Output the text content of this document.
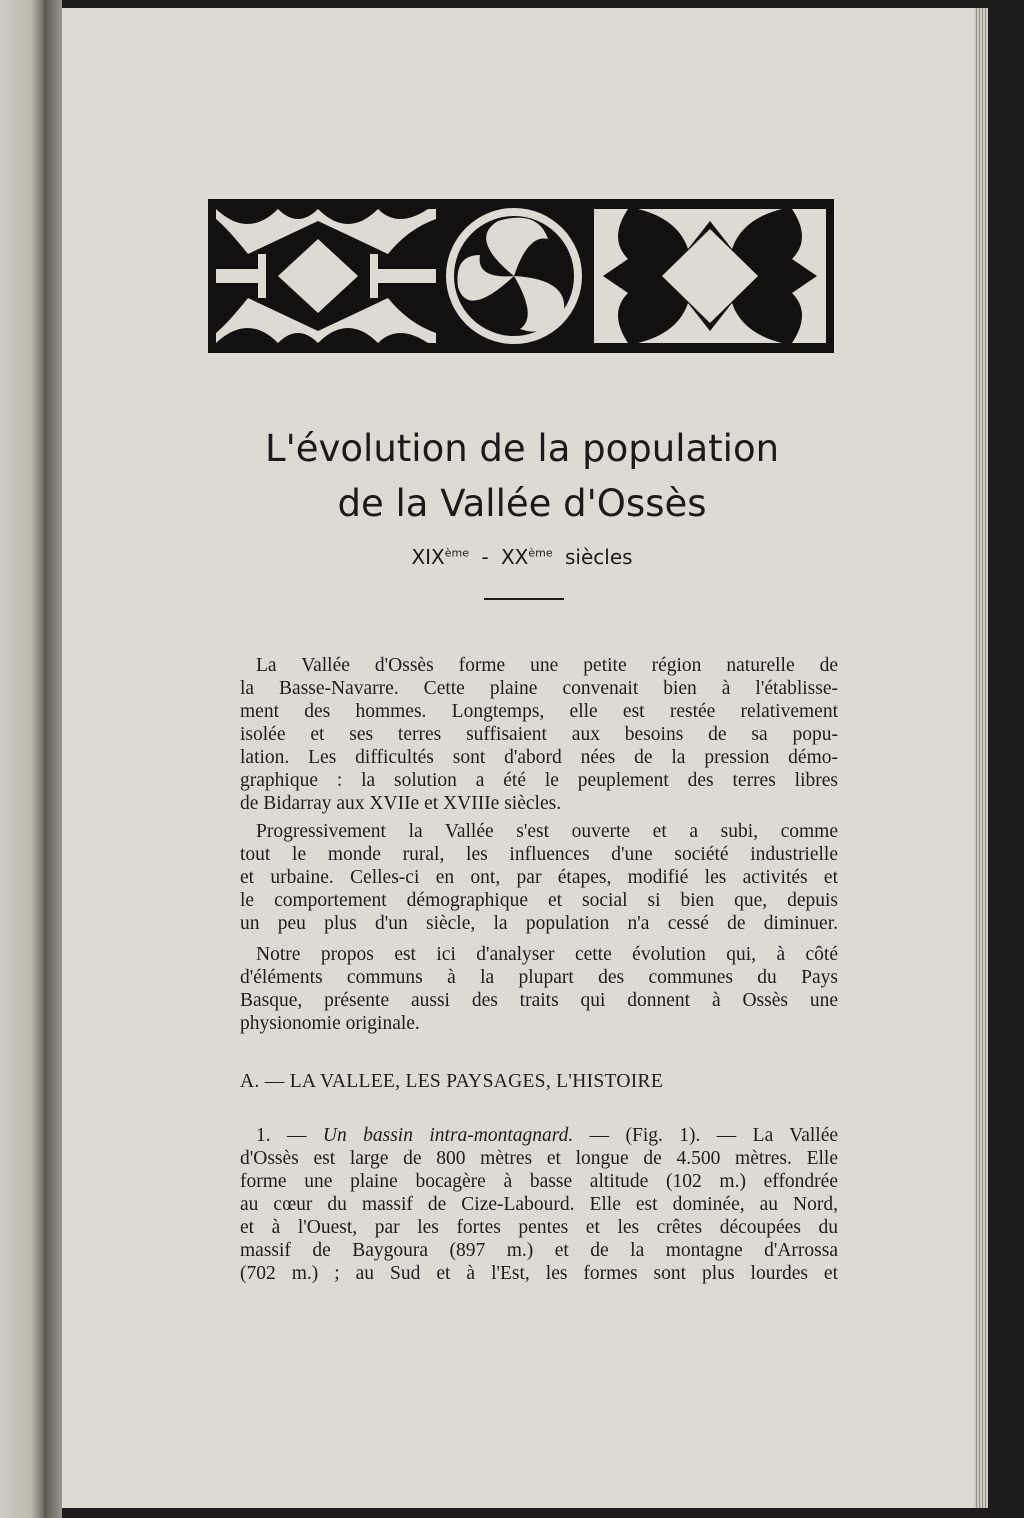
L'évolution de la population
de la Vallée d'Ossès
XIXème - XXème siècles
La Vallée d'Ossès forme une petite région naturelle de
la Basse-Navarre. Cette plaine convenait bien à l'établisse-
ment des hommes. Longtemps, elle est restée relativement
isolée et ses terres suffisaient aux besoins de sa popu-
lation. Les difficultés sont d'abord nées de la pression démo-
graphique : la solution a été le peuplement des terres libres
de Bidarray aux XVIIe et XVIIIe siècles.
Progressivement la Vallée s'est ouverte et a subi, comme
tout le monde rural, les influences d'une société industrielle
et urbaine. Celles-ci en ont, par étapes, modifié les activités et
le comportement démographique et social si bien que, depuis
un peu plus d'un siècle, la population n'a cessé de diminuer.
Notre propos est ici d'analyser cette évolution qui, à côté
d'éléments communs à la plupart des communes du Pays
Basque, présente aussi des traits qui donnent à Ossès une
physionomie originale.
A. — LA VALLEE, LES PAYSAGES, L'HISTOIRE
1. — Un bassin intra-montagnard. — (Fig. 1). — La Vallée
d'Ossès est large de 800 mètres et longue de 4.500 mètres. Elle
forme une plaine bocagère à basse altitude (102 m.) effondrée
au cœur du massif de Cize-Labourd. Elle est dominée, au Nord,
et à l'Ouest, par les fortes pentes et les crêtes découpées du
massif de Baygoura (897 m.) et de la montagne d'Arrossa
(702 m.) ; au Sud et à l'Est, les formes sont plus lourdes et
